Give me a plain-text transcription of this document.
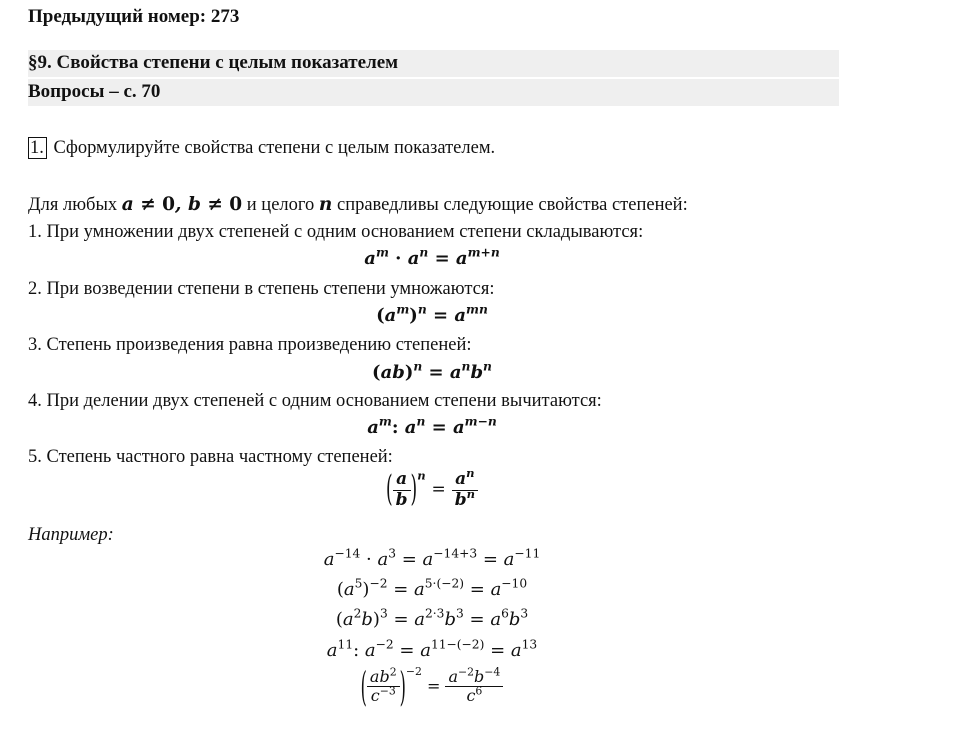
Предыдущий номер: 273
§9. Свойства степени с целым показателем
Вопросы – с. 70
1. Сформулируйте свойства степени с целым показателем.
Для любых a ≠ 0, b ≠ 0 и целого n справедливы следующие свойства степеней:
1. При умножении двух степеней с одним основанием степени складываются:
$a^m \cdot a^n = a^{m+n}$
2. При возведении степени в степень степени умножаются:
$(a^m)^n = a^{mn}$
3. Степень произведения равна произведению степеней:
$(ab)^n = a^nb^n$
4. При делении двух степеней с одним основанием степени вычитаются:
$a^m$: $a^n = a^{m-n}$
5. Степень частного равна частному степеней:
( $\frac{a}{b} )^n = \frac{a^n}{b^n}$
Например:
$a^{-14} \cdot a^3 = a^{-14+3} = a^{-11}$
$(a^5)^{-2} = a^{5\cdot(-2)} = a^{-10}$
$(a^2b)^3 = a^{2\cdot 3}b^3 = a^6b^3$
$a^{11}$: $a^{-2} = a^{11-(-2)} = a^{13}$
( $\frac{ab^2}{c^{-3}} )^{-2} = \frac{a^{-2}b^{-4}}{c^6}$
